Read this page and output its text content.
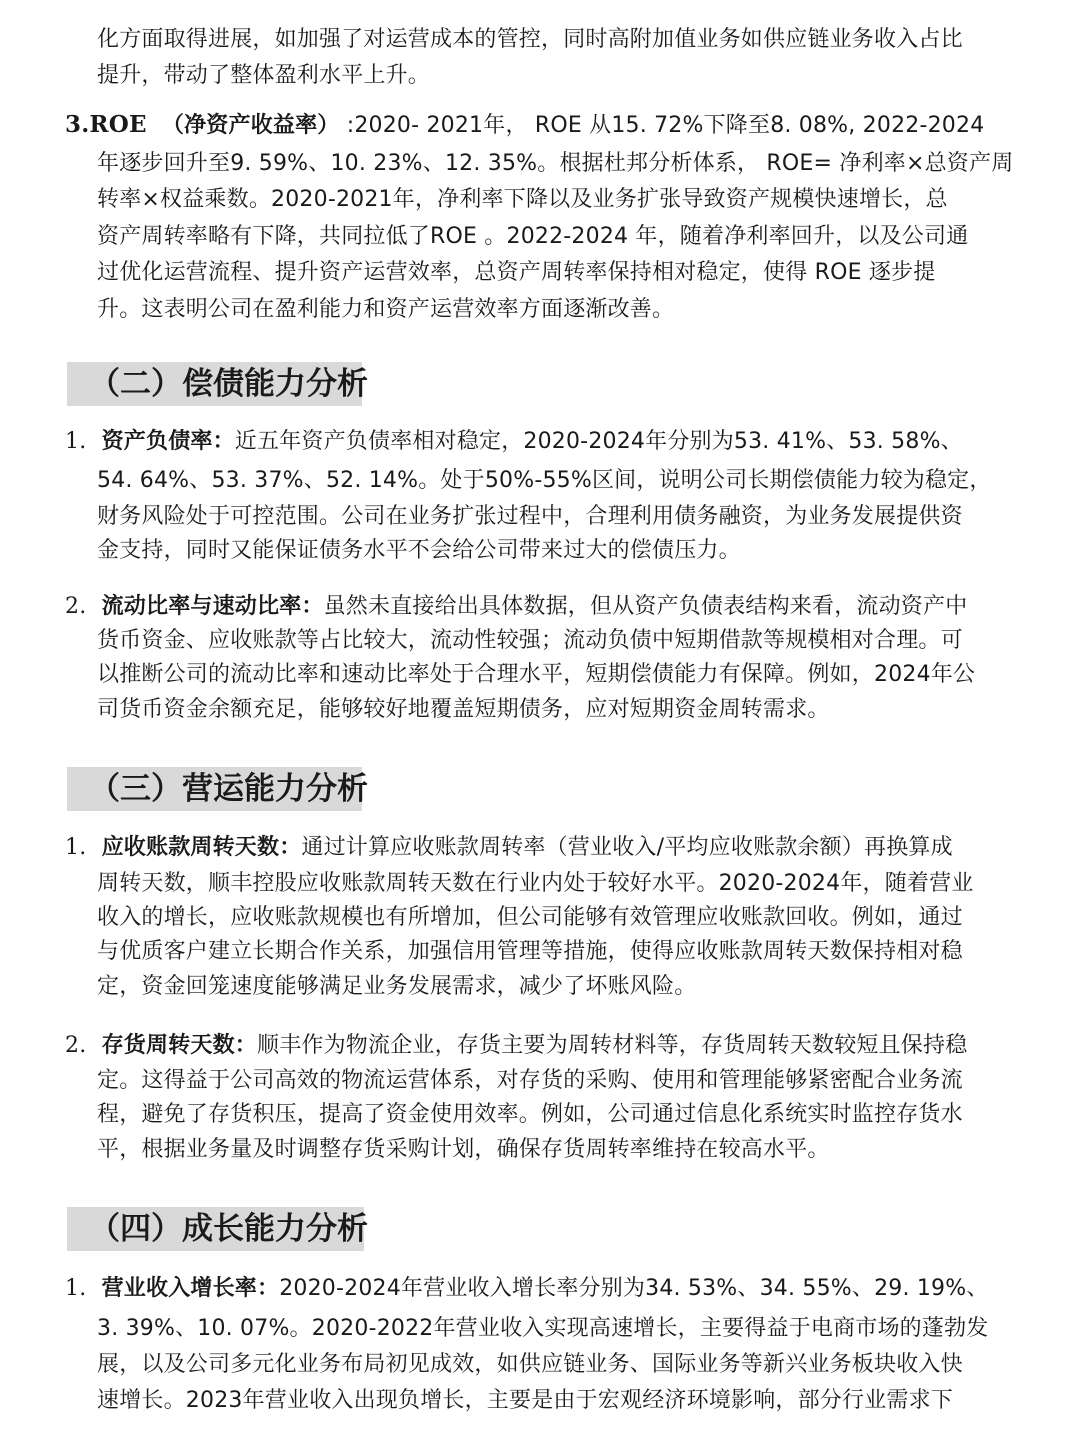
化方面取得进展，如加强了对运营成本的管控，同时高附加值业务如供应链业务收入占比
提升，带动了整体盈利水平上升。
3.ROE （净资产收益率） :2020- 2021年， ROE 从15. 72%下降至8. 08%, 2022-2024
年逐步回升至9. 59%、10. 23%、12. 35%。根据杜邦分析体系， ROE= 净利率×总资产周
转率×权益乘数。2020-2021年，净利率下降以及业务扩张导致资产规模快速增长，总
资产周转率略有下降，共同拉低了ROE 。2022-2024 年，随着净利率回升，以及公司通
过优化运营流程、提升资产运营效率，总资产周转率保持相对稳定，使得 ROE 逐步提
升。这表明公司在盈利能力和资产运营效率方面逐渐改善。
（二）偿债能力分析
1. 资产负债率：近五年资产负债率相对稳定，2020-2024年分别为53. 41%、53. 58%、
54. 64%、53. 37%、52. 14%。处于50%-55%区间，说明公司长期偿债能力较为稳定，
财务风险处于可控范围。公司在业务扩张过程中，合理利用债务融资，为业务发展提供资
金支持，同时又能保证债务水平不会给公司带来过大的偿债压力。
2. 流动比率与速动比率：虽然未直接给出具体数据，但从资产负债表结构来看，流动资产中
货币资金、应收账款等占比较大，流动性较强；流动负债中短期借款等规模相对合理。可
以推断公司的流动比率和速动比率处于合理水平，短期偿债能力有保障。例如，2024年公
司货币资金余额充足，能够较好地覆盖短期债务，应对短期资金周转需求。
（三）营运能力分析
1. 应收账款周转天数：通过计算应收账款周转率（营业收入/平均应收账款余额）再换算成
周转天数，顺丰控股应收账款周转天数在行业内处于较好水平。2020-2024年，随着营业
收入的增长，应收账款规模也有所增加，但公司能够有效管理应收账款回收。例如，通过
与优质客户建立长期合作关系，加强信用管理等措施，使得应收账款周转天数保持相对稳
定，资金回笼速度能够满足业务发展需求，减少了坏账风险。
2. 存货周转天数：顺丰作为物流企业，存货主要为周转材料等，存货周转天数较短且保持稳
定。这得益于公司高效的物流运营体系，对存货的采购、使用和管理能够紧密配合业务流
程，避免了存货积压，提高了资金使用效率。例如，公司通过信息化系统实时监控存货水
平，根据业务量及时调整存货采购计划，确保存货周转率维持在较高水平。
（四）成长能力分析
1. 营业收入增长率：2020-2024年营业收入增长率分别为34. 53%、34. 55%、29. 19%、
3. 39%、10. 07%。2020-2022年营业收入实现高速增长，主要得益于电商市场的蓬勃发
展，以及公司多元化业务布局初见成效，如供应链业务、国际业务等新兴业务板块收入快
速增长。2023年营业收入出现负增长，主要是由于宏观经济环境影响，部分行业需求下
